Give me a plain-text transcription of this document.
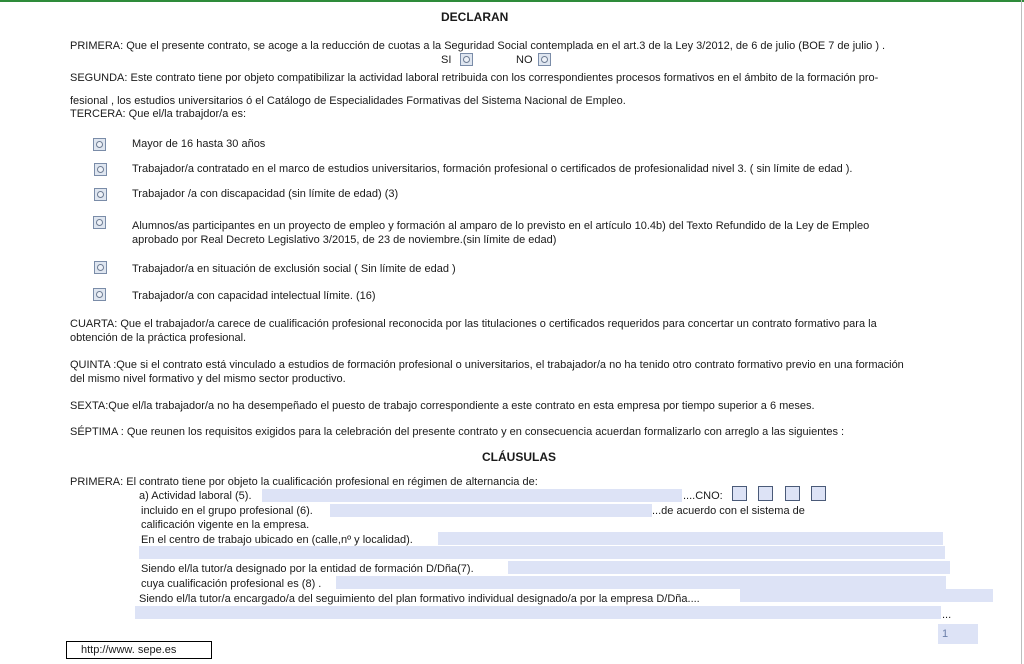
DECLARAN
PRIMERA: Que el presente contrato, se acoge a la reducción de cuotas a la Seguridad Social contemplada en el art.3 de la Ley 3/2012, de 6 de julio (BOE 7 de julio ) .
SI	NO
SEGUNDA: Este contrato tiene por objeto compatibilizar la actividad laboral retribuida con los correspondientes procesos formativos en el ámbito de la formación pro-
fesional , los estudios universitarios ó el Catálogo de Especialidades Formativas del Sistema Nacional de Empleo.
TERCERA: Que el/la trabajdor/a es:
Mayor de 16 hasta 30 años
Trabajador/a contratado en el marco de estudios universitarios, formación profesional o certificados de profesionalidad nivel 3. ( sin límite de edad ).
Trabajador /a con discapacidad (sin límite de edad) (3)
Alumnos/as participantes en un proyecto de empleo y formación al amparo de lo previsto en el artículo 10.4b) del Texto Refundido de la Ley de Empleo
aprobado por Real Decreto Legislativo 3/2015, de 23 de noviembre.(sin límite de edad)
Trabajador/a en situación de exclusión social ( Sin límite de edad )
Trabajador/a con capacidad intelectual límite. (16)
CUARTA: Que el trabajador/a carece de cualificación profesional reconocida por las titulaciones o certificados requeridos para concertar un contrato formativo para la
obtención de la práctica profesional.
QUINTA :Que si el contrato está vinculado a estudios de formación profesional o universitarios, el trabajador/a no ha tenido otro contrato formativo previo en una formación
del mismo nivel formativo y del mismo sector productivo.
SEXTA:Que el/la trabajador/a no ha desempeñado el puesto de trabajo correspondiente a este contrato en esta empresa por tiempo superior a 6 meses.
SÉPTIMA : Que reunen los requisitos exigidos para la celebración del presente contrato y en consecuencia acuerdan formalizarlo con arreglo a las siguientes :
CLÁUSULAS
PRIMERA: El contrato tiene por objeto la cualificación profesional en régimen de alternancia de:
a) Actividad laboral (5).	....CNO:
incluido en el grupo profesional (6).	...de acuerdo con el sistema de
calificación vigente en la empresa.
En el centro de trabajo ubicado en (calle,nº y localidad).
Siendo el/la tutor/a designado por la entidad de formación D/Dña(7).
cuya cualificación profesional es (8) .
Siendo el/la tutor/a encargado/a del seguimiento del plan formativo individual designado/a por la empresa D/Dña....
...
1
http://www. sepe.es
